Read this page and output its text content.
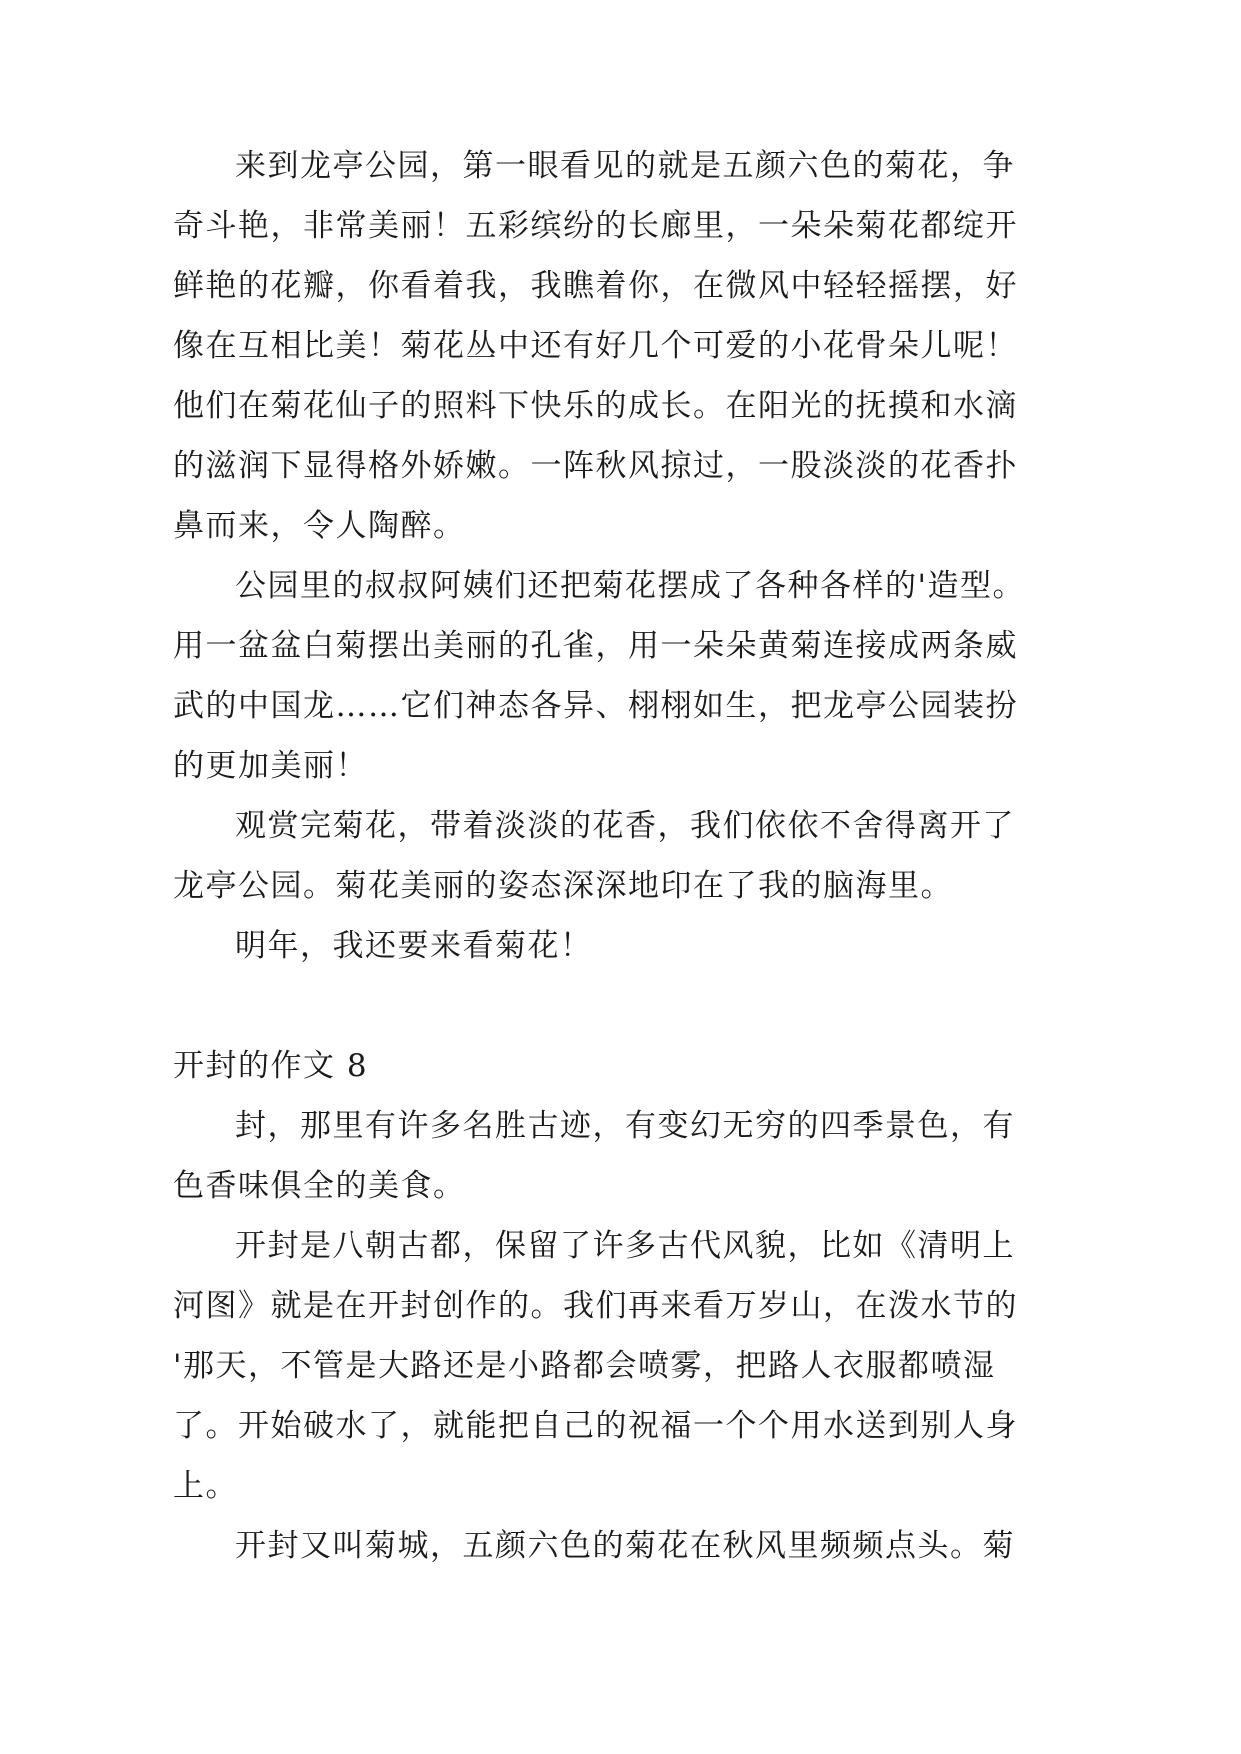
来到龙亭公园，第一眼看见的就是五颜六色的菊花，争

奇斗艳，非常美丽！五彩缤纷的长廊里，一朵朵菊花都绽开

鲜艳的花瓣，你看着我，我瞧着你，在微风中轻轻摇摆，好

像在互相比美！菊花丛中还有好几个可爱的小花骨朵儿呢！

他们在菊花仙子的照料下快乐的成长。在阳光的抚摸和水滴

的滋润下显得格外娇嫩。一阵秋风掠过，一股淡淡的花香扑

鼻而来，令人陶醉。

公园里的叔叔阿姨们还把菊花摆成了各种各样的'造型。

用一盆盆白菊摆出美丽的孔雀，用一朵朵黄菊连接成两条威

武的中国龙……它们神态各异、栩栩如生，把龙亭公园装扮

的更加美丽！

观赏完菊花，带着淡淡的花香，我们依依不舍得离开了

龙亭公园。菊花美丽的姿态深深地印在了我的脑海里。

明年，我还要来看菊花！

开封的作文 8

封，那里有许多名胜古迹，有变幻无穷的四季景色，有

色香味俱全的美食。

开封是八朝古都，保留了许多古代风貌，比如《清明上

河图》就是在开封创作的。我们再来看万岁山，在泼水节的

'那天，不管是大路还是小路都会喷雾，把路人衣服都喷湿

了。开始破水了，就能把自己的祝福一个个用水送到别人身

上。

开封又叫菊城，五颜六色的菊花在秋风里频频点头。菊
